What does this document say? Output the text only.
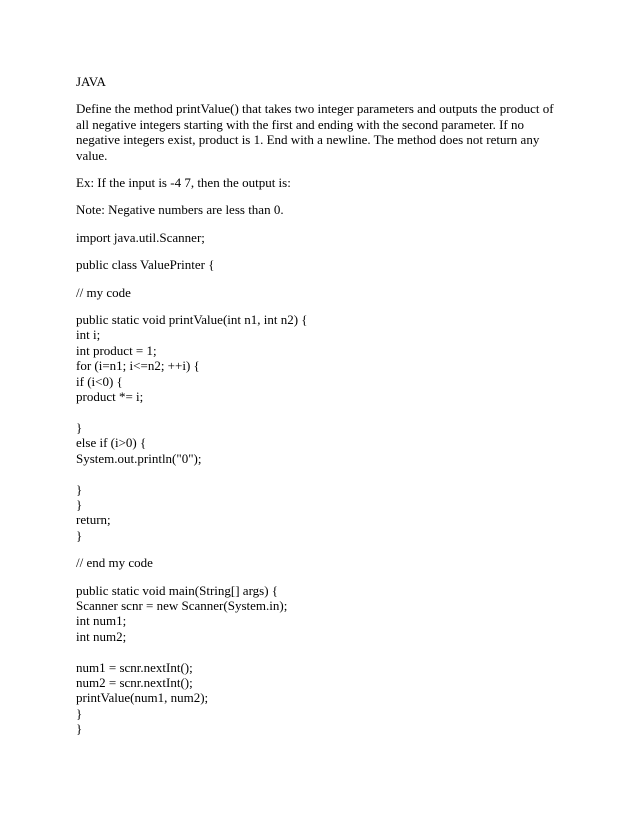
JAVA

Define the method printValue() that takes two integer parameters and outputs the product of all negative integers starting with the first and ending with the second parameter. If no negative integers exist, product is 1. End with a newline. The method does not return any value.

Ex: If the input is -4 7, then the output is:

Note: Negative numbers are less than 0.

import java.util.Scanner;

public class ValuePrinter {

// my code

public static void printValue(int n1, int n2) {
int i;
int product = 1;
for (i=n1; i<=n2; ++i) {
if (i<0) {
product *= i;
}
else if (i>0) {
System.out.println("0");
}
}
return;
}

// end my code

public static void main(String[] args) {
Scanner scnr = new Scanner(System.in);
int num1;
int num2;
num1 = scnr.nextInt();
num2 = scnr.nextInt();
printValue(num1, num2);
}
}
